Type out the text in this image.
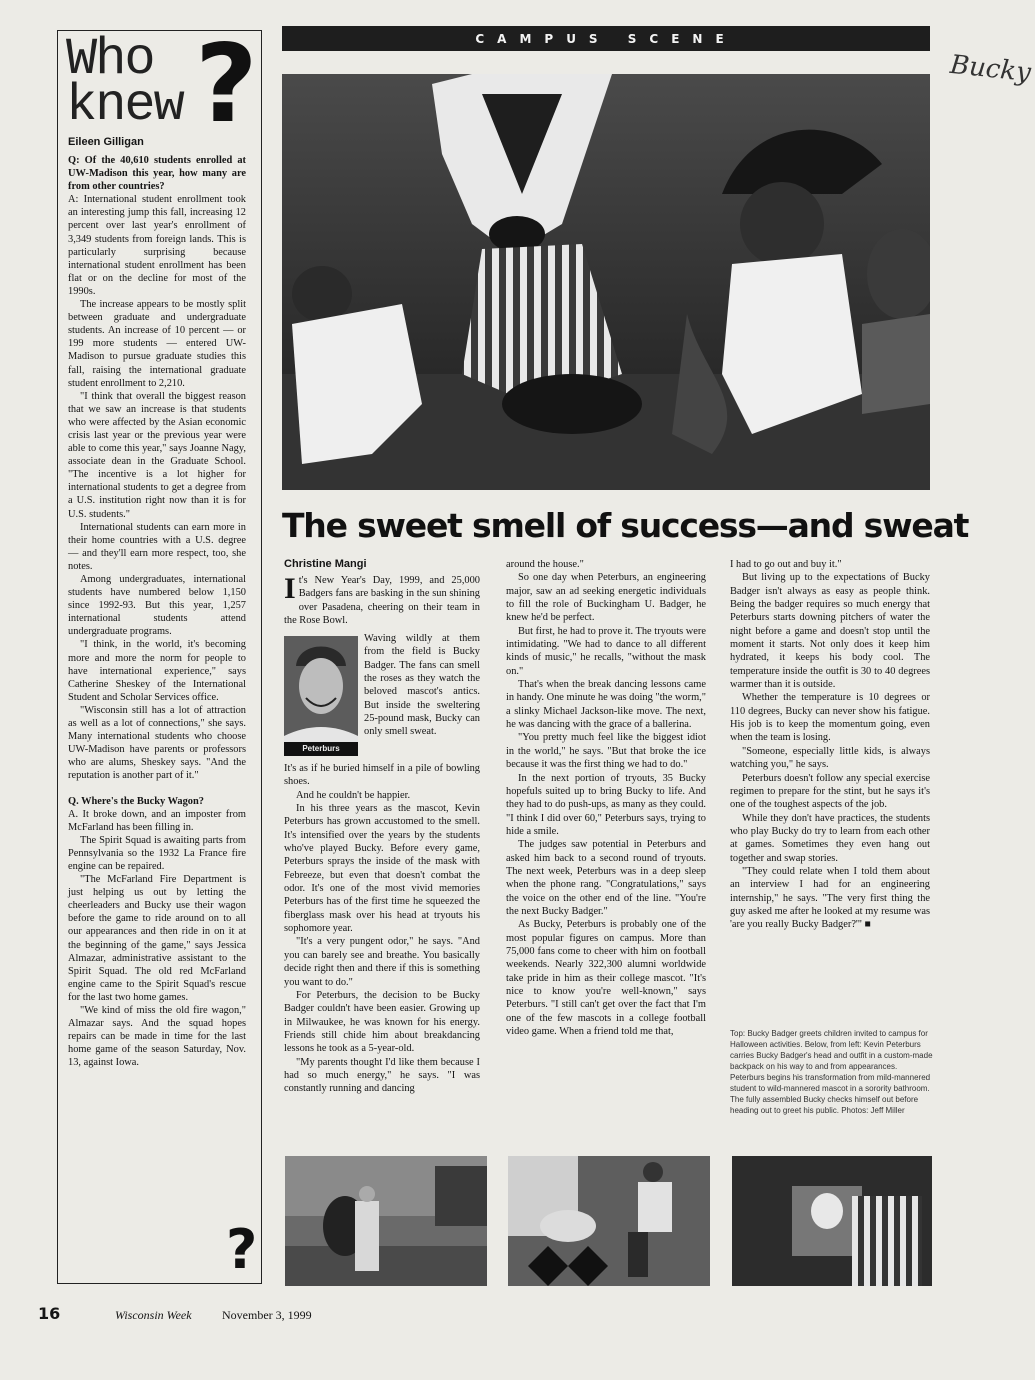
Who
knew ?
Eileen Gilligan

Q: Of the 40,610 students enrolled at UW-Madison this year, how many are from other countries?

A: International student enrollment took an interesting jump this fall, increasing 12 percent over last year's enrollment of 3,349 students from foreign lands. This is particularly surprising because international student enrollment has been flat or on the decline for most of the 1990s.

The increase appears to be mostly split between graduate and undergraduate students. An increase of 10 percent — or 199 more students — entered UW-Madison to pursue graduate studies this fall, raising the international graduate student enrollment to 2,210.

"I think that overall the biggest reason that we saw an increase is that students who were affected by the Asian economic crisis last year or the previous year were able to come this year," says Joanne Nagy, associate dean in the Graduate School. "The incentive is a lot higher for international students to get a degree from a U.S. institution right now than it is for U.S. students."

International students can earn more in their home countries with a U.S. degree — and they'll earn more respect, too, she notes.

Among undergraduates, international students have numbered below 1,150 since 1992-93. But this year, 1,257 international students attend undergraduate programs.

"I think, in the world, it's becoming more and more the norm for people to have international experience," says Catherine Sheskey of the International Student and Scholar Services office.

"Wisconsin still has a lot of attraction as well as a lot of connections," she says. Many international students who choose UW-Madison have parents or professors who are alums, Sheskey says. "And the reputation is another part of it."

Q. Where's the Bucky Wagon?

A. It broke down, and an imposter from McFarland has been filling in.

The Spirit Squad is awaiting parts from Pennsylvania so the 1932 La France fire engine can be repaired.

"The McFarland Fire Department is just helping us out by letting the cheerleaders and Bucky use their wagon before the game to ride around on to all our appearances and then ride in on it at the beginning of the game," says Jessica Almazar, administrative assistant to the Spirit Squad. The old red McFarland engine came to the Spirit Squad's rescue for the last two home games.

"We kind of miss the old fire wagon," Almazar says. And the squad hopes repairs can be made in time for the last home game of the season Saturday, Nov. 13, against Iowa.

?
CAMPUS SCENE
Bucky
The sweet smell of success—and sweat
Christine Mangi
It's New Year's Day, 1999, and 25,000 Badgers fans are basking in the sun shining over Pasadena, cheering on their team in the Rose Bowl.
Peterburs

Waving wildly at them from the field is Bucky Badger. The fans can smell the roses as they watch the beloved mascot's antics. But inside the sweltering 25-pound mask, Bucky can only smell sweat.

It's as if he buried himself in a pile of bowling shoes.

And he couldn't be happier.

In his three years as the mascot, Kevin Peterburs has grown accustomed to the smell. It's intensified over the years by the students who've played Bucky. Before every game, Peterburs sprays the inside of the mask with Febreeze, but even that doesn't combat the odor. It's one of the most vivid memories Peterburs has of the first time he squeezed the fiberglass mask over his head at tryouts his sophomore year.

"It's a very pungent odor," he says. "And you can barely see and breathe. You basically decide right then and there if this is something you want to do."

For Peterburs, the decision to be Bucky Badger couldn't have been easier. Growing up in Milwaukee, he was known for his energy. Friends still chide him about breakdancing lessons he took as a 5-year-old.

"My parents thought I'd like them because I had so much energy," he says. "I was constantly running and dancing

around the house."

So one day when Peterburs, an engineering major, saw an ad seeking energetic individuals to fill the role of Buckingham U. Badger, he knew he'd be perfect.

But first, he had to prove it. The tryouts were intimidating. "We had to dance to all different kinds of music," he recalls, "without the mask on."

That's when the break dancing lessons came in handy. One minute he was doing "the worm," a slinky Michael Jackson-like move. The next, he was dancing with the grace of a ballerina.

"You pretty much feel like the biggest idiot in the world," he says. "But that broke the ice because it was the first thing we had to do."

In the next portion of tryouts, 35 Bucky hopefuls suited up to bring Bucky to life. And they had to do push-ups, as many as they could. "I think I did over 60," Peterburs says, trying to hide a smile.

The judges saw potential in Peterburs and asked him back to a second round of tryouts. The next week, Peterburs was in a deep sleep when the phone rang. "Congratulations," says the voice on the other end of the line. "You're the next Bucky Badger."

As Bucky, Peterburs is probably one of the most popular figures on campus. More than 75,000 fans come to cheer with him on football weekends. Nearly 322,300 alumni worldwide take pride in him as their college mascot. "It's nice to know you're well-known," says Peterburs. "I still can't get over the fact that I'm one of the few mascots in a college football video game. When a friend told me that,

I had to go out and buy it."

But living up to the expectations of Bucky Badger isn't always as easy as people think. Being the badger requires so much energy that Peterburs starts downing pitchers of water the night before a game and doesn't stop until the moment it starts. Not only does it keep him hydrated, it keeps his body cool. The temperature inside the outfit is 30 to 40 degrees warmer than it is outside.

Whether the temperature is 10 degrees or 110 degrees, Bucky can never show his fatigue. His job is to keep the momentum going, even when the team is losing.

"Someone, especially little kids, is always watching you," he says.

Peterburs doesn't follow any special exercise regimen to prepare for the stint, but he says it's one of the toughest aspects of the job.

While they don't have practices, the students who play Bucky do try to learn from each other at games. Sometimes they even hang out together and swap stories.

"They could relate when I told them about an interview I had for an engineering internship," he says. "The very first thing the guy asked me after he looked at my resume was 'are you really Bucky Badger?'" ■

Top: Bucky Badger greets children invited to campus for Halloween activities. Below, from left: Kevin Peterburs carries Bucky Badger's head and outfit in a custom-made backpack on his way to and from appearances. Peterburs begins his transformation from mild-mannered student to wild-mannered mascot in a sorority bathroom. The fully assembled Bucky checks himself out before heading out to greet his public. Photos: Jeff Miller
16	Wisconsin Week	November 3, 1999
